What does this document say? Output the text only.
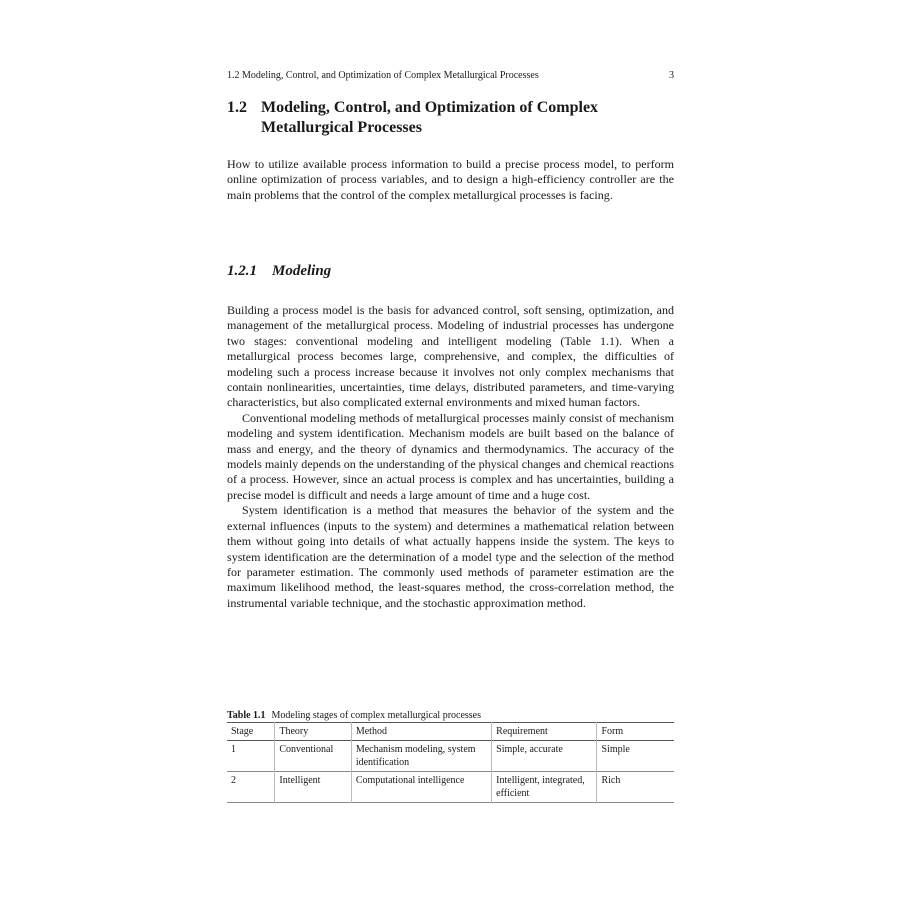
1.2 Modeling, Control, and Optimization of Complex Metallurgical Processes	3
1.2 Modeling, Control, and Optimization of Complex Metallurgical Processes

How to utilize available process information to build a precise process model, to perform online optimization of process variables, and to design a high-efficiency controller are the main problems that the control of the complex metallurgical processes is facing.

1.2.1 Modeling

Building a process model is the basis for advanced control, soft sensing, optimization, and management of the metallurgical process. Modeling of industrial processes has undergone two stages: conventional modeling and intelligent modeling (Table 1.1). When a metallurgical process becomes large, comprehensive, and complex, the difficulties of modeling such a process increase because it involves not only complex mechanisms that contain nonlinearities, uncertainties, time delays, distributed parameters, and time-varying characteristics, but also complicated external environments and mixed human factors.

Conventional modeling methods of metallurgical processes mainly consist of mechanism modeling and system identification. Mechanism models are built based on the balance of mass and energy, and the theory of dynamics and thermodynamics. The accuracy of the models mainly depends on the understanding of the physical changes and chemical reactions of a process. However, since an actual process is complex and has uncertainties, building a precise model is difficult and needs a large amount of time and a huge cost.

System identification is a method that measures the behavior of the system and the external influences (inputs to the system) and determines a mathematical relation between them without going into details of what actually happens inside the system. The keys to system identification are the determination of a model type and the selection of the method for parameter estimation. The commonly used methods of parameter estimation are the maximum likelihood method, the least-squares method, the cross-correlation method, the instrumental variable technique, and the stochastic approximation method.

Table 1.1 Modeling stages of complex metallurgical processes
Stage	Theory	Method	Requirement	Form
1	Conventional	Mechanism modeling, system identification	Simple, accurate	Simple
2	Intelligent	Computational intelligence	Intelligent, integrated, efficient	Rich
